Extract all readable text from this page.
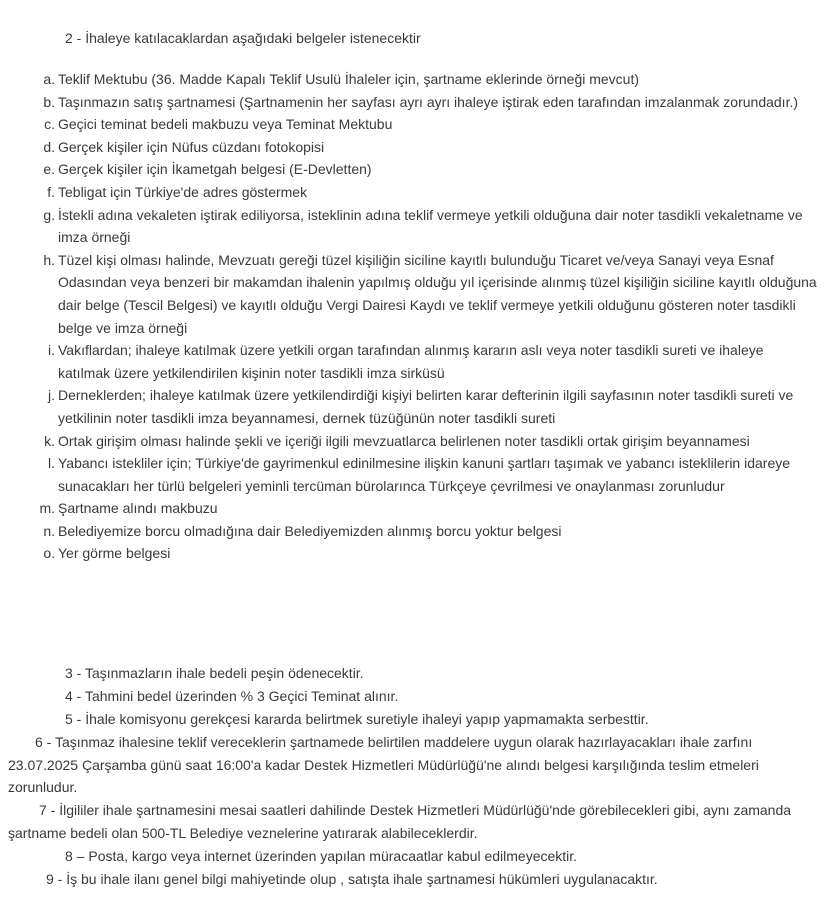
2 - İhaleye katılacaklardan aşağıdaki belgeler istenecektir
a. Teklif Mektubu (36. Madde Kapalı Teklif Usulü İhaleler için, şartname eklerinde örneği mevcut)
b. Taşınmazın satış şartnamesi (Şartnamenin her sayfası ayrı ayrı ihaleye iştirak eden tarafından imzalanmak zorundadır.)
c. Geçici teminat bedeli makbuzu veya Teminat Mektubu
d. Gerçek kişiler için Nüfus cüzdanı fotokopisi
e. Gerçek kişiler için İkametgah belgesi (E-Devletten)
f. Tebligat için Türkiye'de adres göstermek
g. İstekli adına vekaleten iştirak ediliyorsa, isteklinin adına teklif vermeye yetkili olduğuna dair noter tasdikli vekaletname ve imza örneği
h. Tüzel kişi olması halinde, Mevzuatı gereği tüzel kişiliğin siciline kayıtlı bulunduğu Ticaret ve/veya Sanayi veya Esnaf Odasından veya benzeri bir makamdan ihalenin yapılmış olduğu yıl içerisinde alınmış tüzel kişiliğin siciline kayıtlı olduğuna dair belge (Tescil Belgesi) ve kayıtlı olduğu Vergi Dairesi Kaydı ve teklif vermeye yetkili olduğunu gösteren noter tasdikli belge ve imza örneği
i. Vakıflardan; ihaleye katılmak üzere yetkili organ tarafından alınmış kararın aslı veya noter tasdikli sureti ve ihaleye katılmak üzere yetkilendirilen kişinin noter tasdikli imza sirküsü
j. Derneklerden; ihaleye katılmak üzere yetkilendirdiği kişiyi belirten karar defterinin ilgili sayfasının noter tasdikli sureti ve yetkilinin noter tasdikli imza beyannamesi, dernek tüzüğünün noter tasdikli sureti
k. Ortak girişim olması halinde şekli ve içeriği ilgili mevzuatlarca belirlenen noter tasdikli ortak girişim beyannamesi
l. Yabancı istekliler için; Türkiye'de gayrimenkul edinilmesine ilişkin kanuni şartları taşımak ve yabancı isteklilerin idareye sunacakları her türlü belgeleri yeminli tercüman bürolarınca Türkçeye çevrilmesi ve onaylanması zorunludur
m. Şartname alındı makbuzu
n. Belediyemize borcu olmadığına dair Belediyemizden alınmış borcu yoktur belgesi
o. Yer görme belgesi
3 - Taşınmazların ihale bedeli peşin ödenecektir.
4 - Tahmini bedel üzerinden % 3 Geçici Teminat alınır.
5 - İhale komisyonu gerekçesi kararda belirtmek suretiyle ihaleyi yapıp yapmamakta serbesttir.
6 - Taşınmaz ihalesine teklif vereceklerin şartnamede belirtilen maddelere uygun olarak hazırlayacakları ihale zarfını 23.07.2025 Çarşamba günü saat 16:00'a kadar Destek Hizmetleri Müdürlüğü'ne alındı belgesi karşılığında teslim etmeleri zorunludur.
7 - İlgililer ihale şartnamesini mesai saatleri dahilinde Destek Hizmetleri Müdürlüğü'nde görebilecekleri gibi, aynı zamanda şartname bedeli olan 500-TL Belediye veznelerine yatırarak alabileceklerdir.
8 – Posta, kargo veya internet üzerinden yapılan müracaatlar kabul edilmeyecektir.
9 - İş bu ihale ilanı genel bilgi mahiyetinde olup , satışta ihale şartnamesi hükümleri uygulanacaktır.
